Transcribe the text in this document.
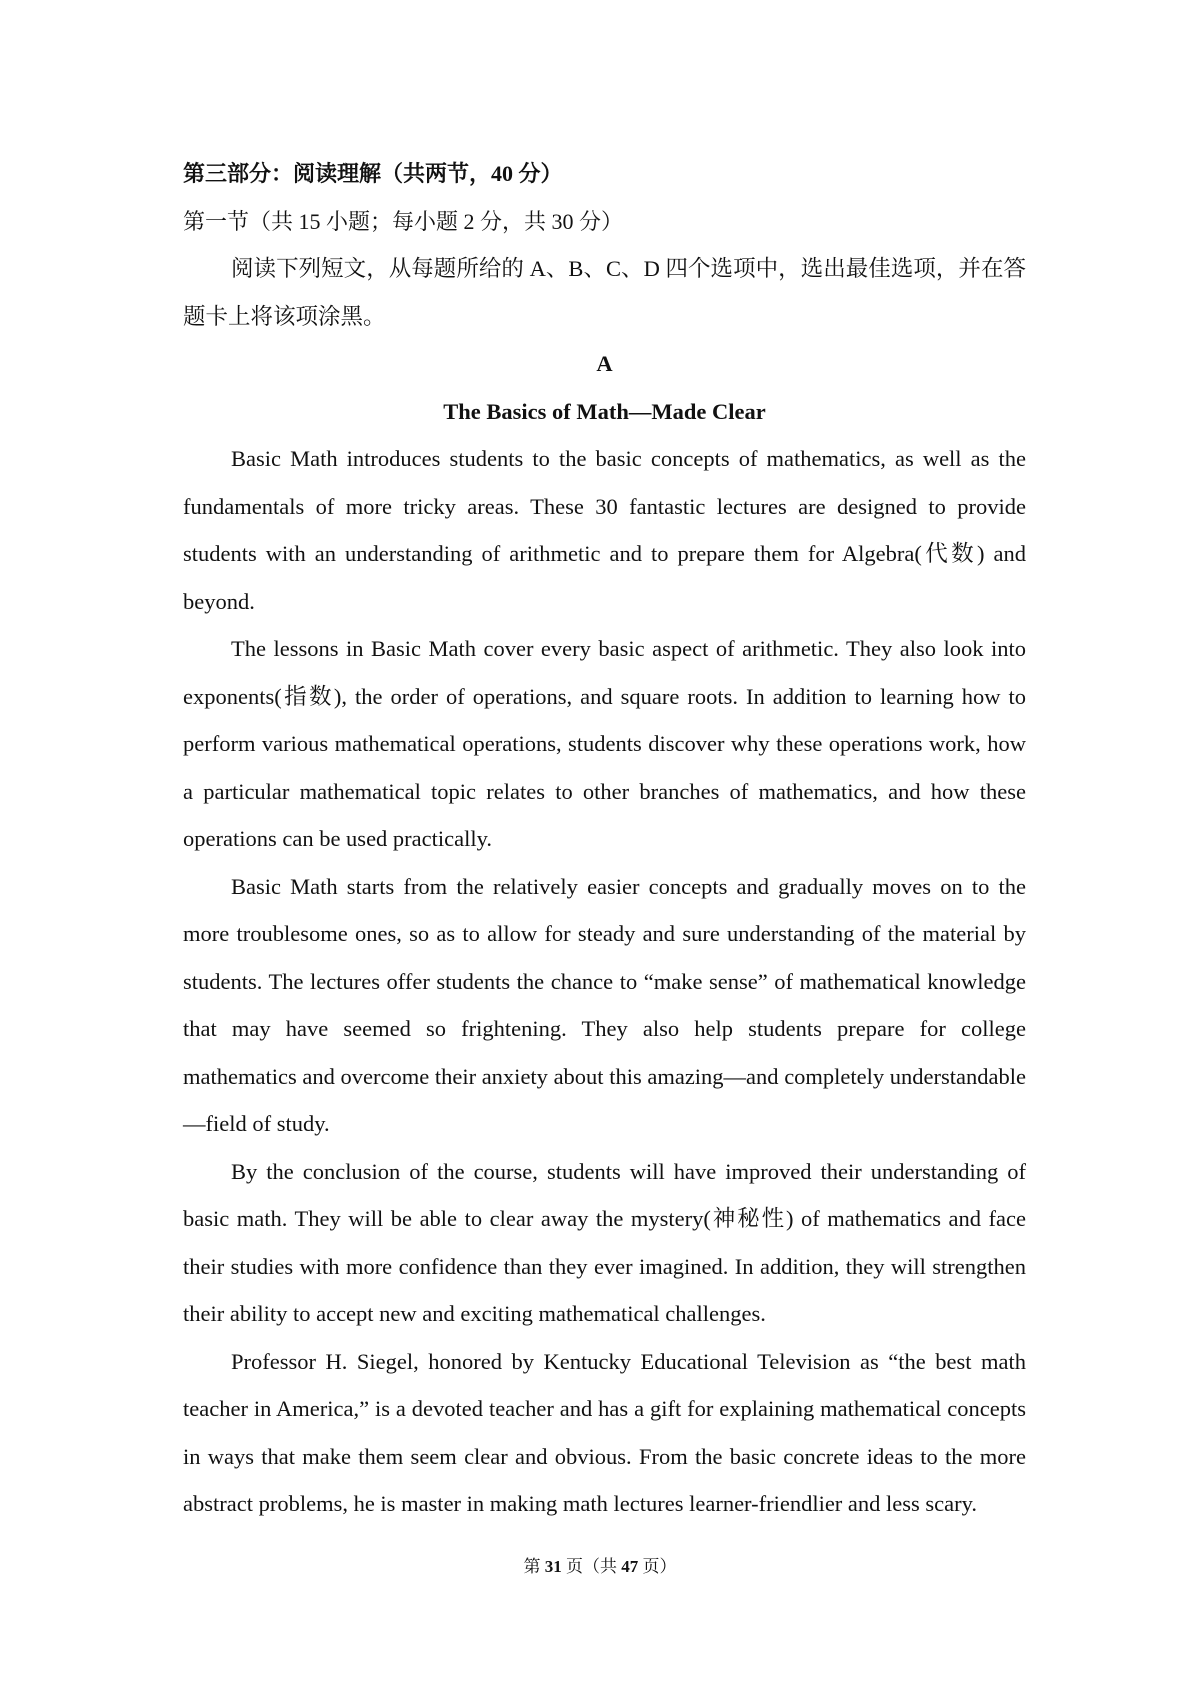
第三部分：阅读理解（共两节，40 分）
第一节（共 15 小题；每小题 2 分，共 30 分）

阅读下列短文，从每题所给的 A、B、C、D 四个选项中，选出最佳选项，并在答题卡上将该项涂黑。

A
The Basics of Math—Made Clear

Basic Math introduces students to the basic concepts of mathematics, as well as the fundamentals of more tricky areas. These 30 fantastic lectures are designed to provide students with an understanding of arithmetic and to prepare them for Algebra(代数) and beyond.

The lessons in Basic Math cover every basic aspect of arithmetic. They also look into exponents(指数), the order of operations, and square roots. In addition to learning how to perform various mathematical operations, students discover why these operations work, how a particular mathematical topic relates to other branches of mathematics, and how these operations can be used practically.

Basic Math starts from the relatively easier concepts and gradually moves on to the more troublesome ones, so as to allow for steady and sure understanding of the material by students. The lectures offer students the chance to “make sense” of mathematical knowledge that may have seemed so frightening. They also help students prepare for college mathematics and overcome their anxiety about this amazing—and completely understandable—field of study.

By the conclusion of the course, students will have improved their understanding of basic math. They will be able to clear away the mystery(神秘性) of mathematics and face their studies with more confidence than they ever imagined. In addition, they will strengthen their ability to accept new and exciting mathematical challenges.

Professor H. Siegel, honored by Kentucky Educational Television as “the best math teacher in America,” is a devoted teacher and has a gift for explaining mathematical concepts in ways that make them seem clear and obvious. From the basic concrete ideas to the more abstract problems, he is master in making math lectures learner-friendlier and less scary.

第 31 页（共 47 页）
